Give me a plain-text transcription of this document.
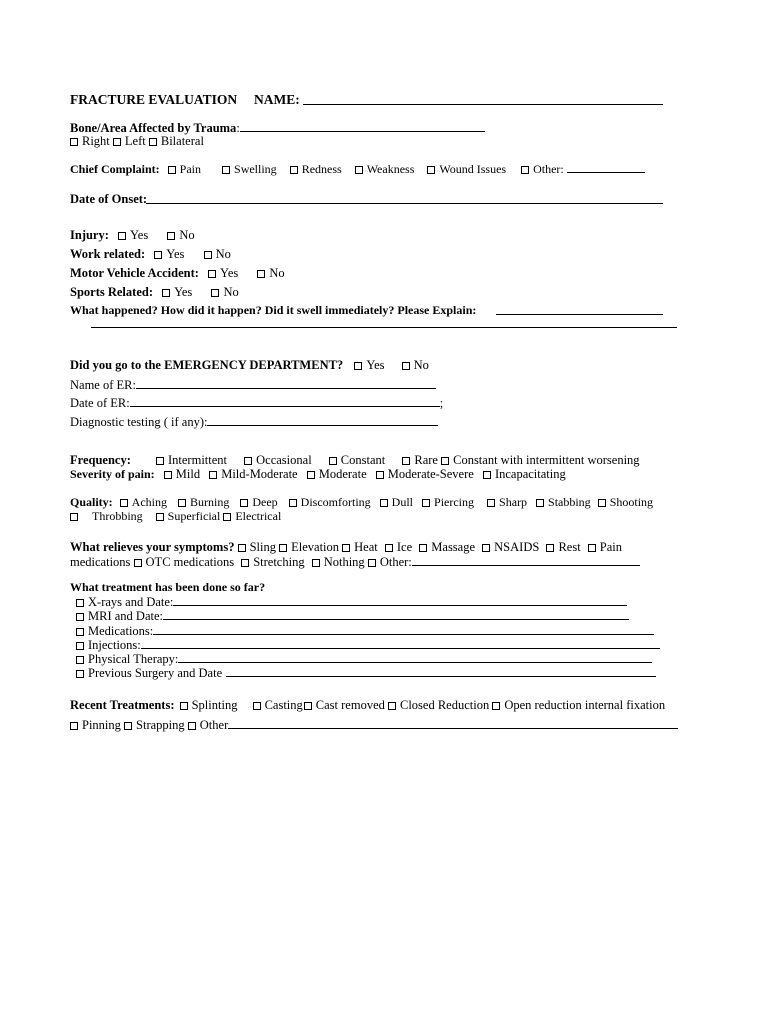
FRACTURE EVALUATION NAME:
Bone/Area Affected by Trauma:
Right Left Bilateral
Chief Complaint: Pain	Swelling Redness Weakness Wound Issues Other:
Date of Onset:
Injury: Yes No
Work related: Yes No
Motor Vehicle Accident: Yes No
Sports Related: Yes No
What happened? How did it happen? Did it swell immediately? Please Explain:
Did you go to the EMERGENCY DEPARTMENT? Yes No
Name of ER:
Date of ER:	;
Diagnostic testing ( if any):
Frequency:	Intermittent Occasional Constant Rare Constant with intermittent worsening
Severity of pain: Mild Mild-Moderate Moderate Moderate-Severe Incapacitating
Quality: Aching Burning Deep Discomforting Dull Piercing Sharp Stabbing Shooting
Throbbing Superficial Electrical
What relieves your symptoms? Sling Elevation Heat Ice Massage NSAIDS Rest Pain
medications OTC medications Stretching Nothing Other:
What treatment has been done so far?
X-rays and Date:
MRI and Date:
Medications:
Injections:
Physical Therapy:
Previous Surgery and Date
Recent Treatments: Splinting Casting Cast removed Closed Reduction Open reduction internal fixation
Pinning Strapping Other
